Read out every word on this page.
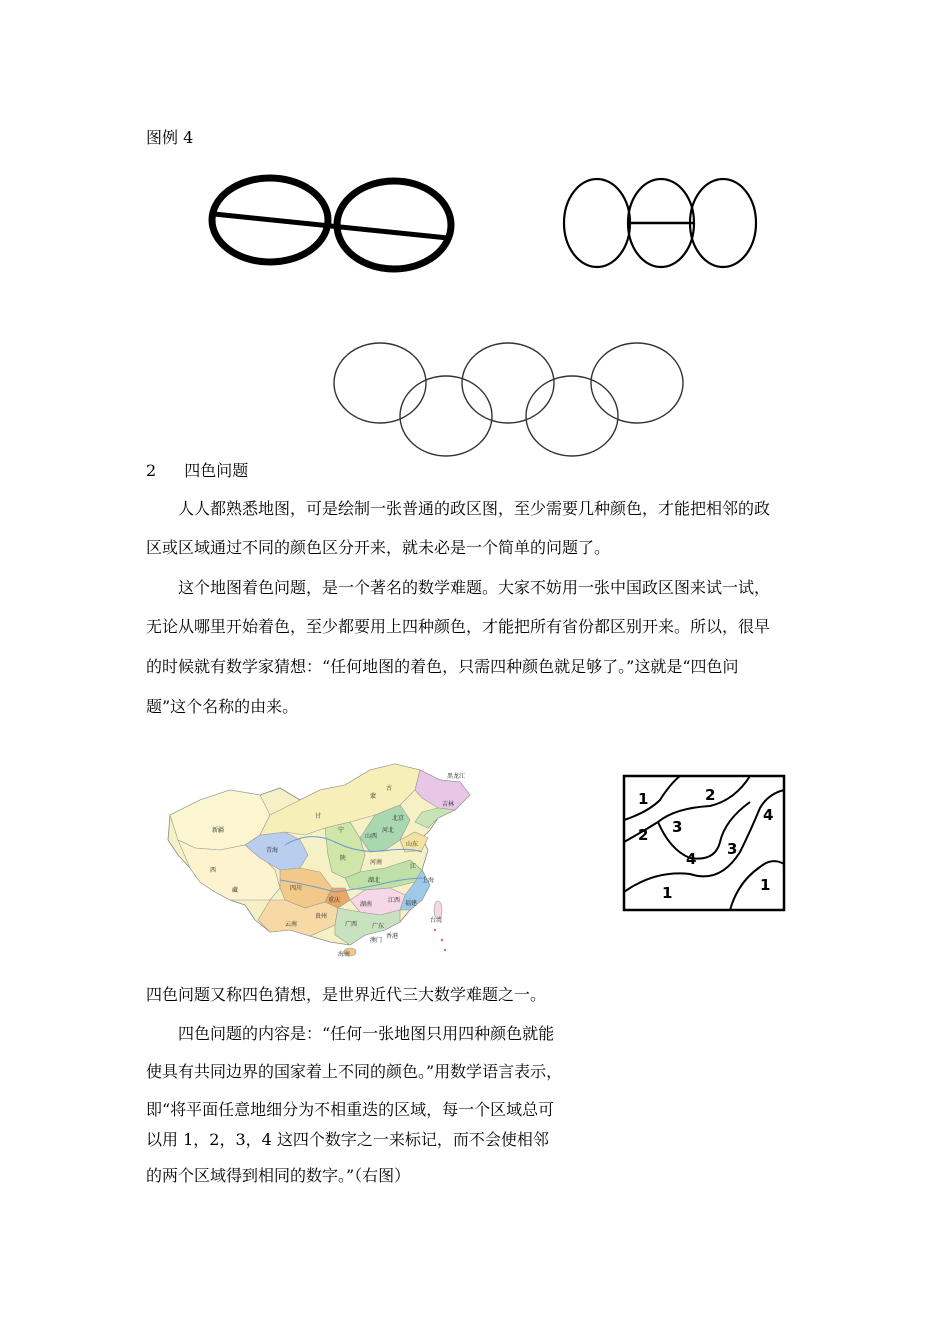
图例 4
2 四色问题
人人都熟悉地图，可是绘制一张普通的政区图，至少需要几种颜色，才能把相邻的政
区或区域通过不同的颜色区分开来，就未必是一个简单的问题了。
这个地图着色问题，是一个著名的数学难题。大家不妨用一张中国政区图来试一试，
无论从哪里开始着色，至少都要用上四种颜色，才能把所有省份都区别开来。所以，很早
的时候就有数学家猜想：“任何地图的着色，只需四种颜色就足够了。”这就是“四色问
题”这个名称的由来。
黑龙江
吉林
新疆
甘
蒙
古
北京
青海
西
藏
宁
山西
河北
山东
陕
河南
江
上海
四川
湖北
重庆
湖南
江西 福建
贵州
广西 广东
云南
台湾
香港
澳门
海南
1	2
4
2 3
4
3
1	1
四色问题又称四色猜想，是世界近代三大数学难题之一。
四色问题的内容是：“任何一张地图只用四种颜色就能
使具有共同边界的国家着上不同的颜色。”用数学语言表示，
即“将平面任意地细分为不相重迭的区域，每一个区域总可
以用 1，2，3，4 这四个数字之一来标记，而不会使相邻
的两个区域得到相同的数字。”（右图）
